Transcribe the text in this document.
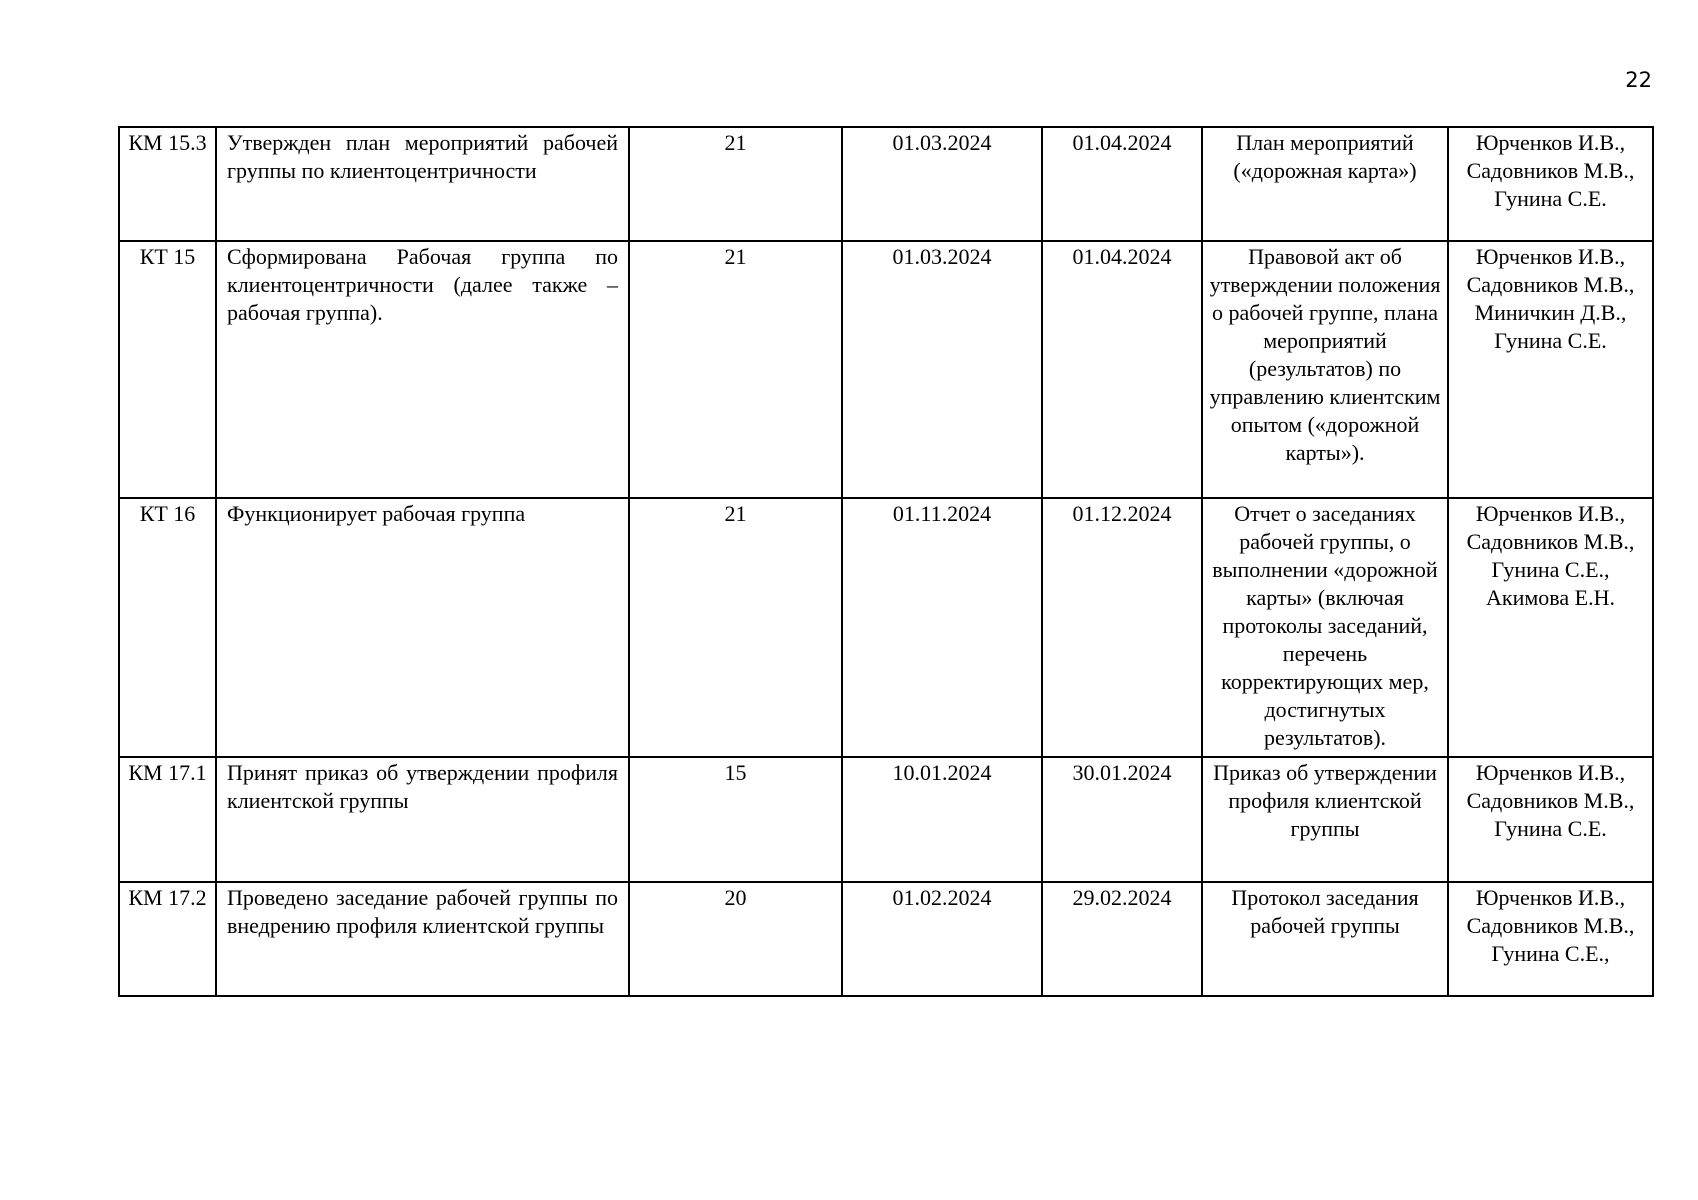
22
КМ 15.3	Утвержден план мероприятий рабочей группы по клиентоцентричности	21	01.03.2024	01.04.2024	План мероприятий («дорожная карта»)	Юрченков И.В., Садовников М.В., Гунина С.Е.
КТ 15	Сформирована Рабочая группа по клиентоцентричности (далее также – рабочая группа).	21	01.03.2024	01.04.2024	Правовой акт об утверждении положения о рабочей группе, плана мероприятий (результатов) по управлению клиентским опытом («дорожной карты»).	Юрченков И.В., Садовников М.В., Миничкин Д.В., Гунина С.Е.
КТ 16	Функционирует рабочая группа	21	01.11.2024	01.12.2024	Отчет о заседаниях рабочей группы, о выполнении «дорожной карты» (включая протоколы заседаний, перечень корректирующих мер, достигнутых результатов).	Юрченков И.В., Садовников М.В., Гунина С.Е., Акимова Е.Н.
КМ 17.1	Принят приказ об утверждении профиля клиентской группы	15	10.01.2024	30.01.2024	Приказ об утверждении профиля клиентской группы	Юрченков И.В., Садовников М.В., Гунина С.Е.
КМ 17.2	Проведено заседание рабочей группы по внедрению профиля клиентской группы	20	01.02.2024	29.02.2024	Протокол заседания рабочей группы	Юрченков И.В., Садовников М.В., Гунина С.Е.,
